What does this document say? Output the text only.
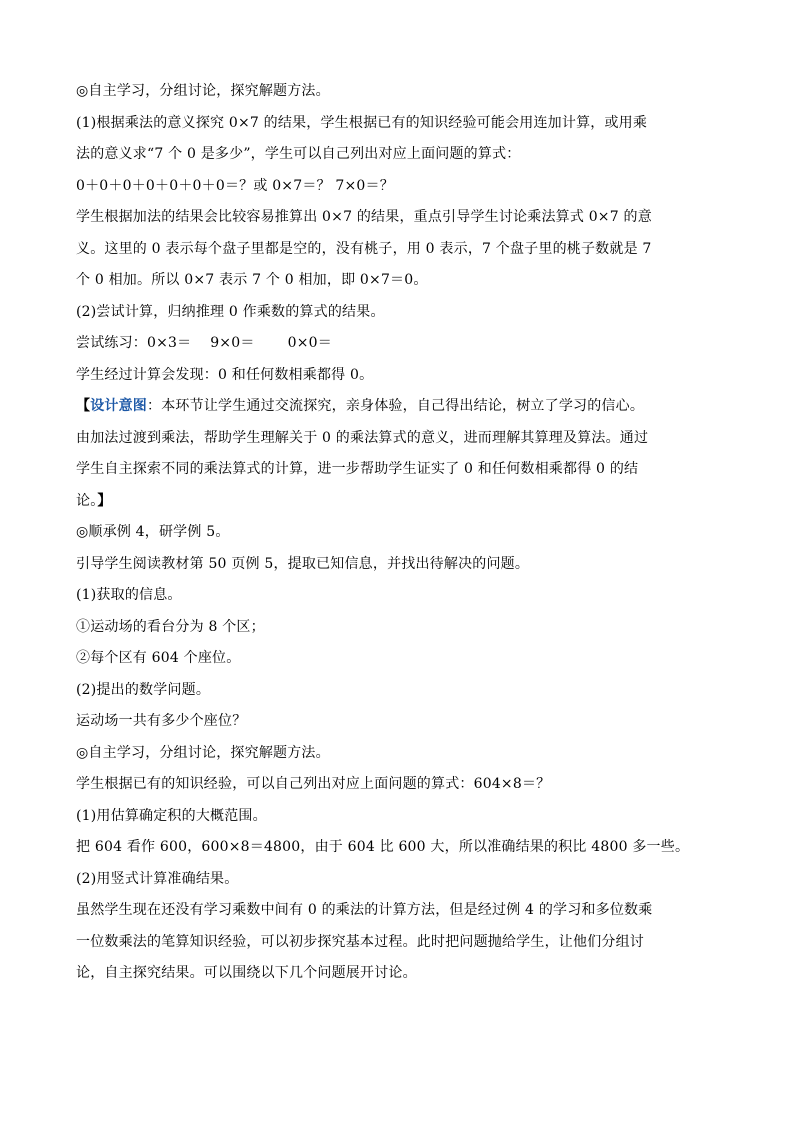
◎自主学习，分组讨论，探究解题方法。
(1)根据乘法的意义探究 0×7 的结果，学生根据已有的知识经验可能会用连加计算，或用乘
法的意义求“7 个 0 是多少”，学生可以自己列出对应上面问题的算式：
0＋0＋0＋0＋0＋0＋0＝？或 0×7＝？ 7×0＝？
学生根据加法的结果会比较容易推算出 0×7 的结果，重点引导学生讨论乘法算式 0×7 的意
义。这里的 0 表示每个盘子里都是空的，没有桃子，用 0 表示，7 个盘子里的桃子数就是 7
个 0 相加。所以 0×7 表示 7 个 0 相加，即 0×7＝0。
(2)尝试计算，归纳推理 0 作乘数的算式的结果。
尝试练习：0×3＝　 9×0＝　　 0×0＝
学生经过计算会发现：0 和任何数相乘都得 0。
【设计意图：本环节让学生通过交流探究，亲身体验，自己得出结论，树立了学习的信心。
由加法过渡到乘法，帮助学生理解关于 0 的乘法算式的意义，进而理解其算理及算法。通过
学生自主探索不同的乘法算式的计算，进一步帮助学生证实了 0 和任何数相乘都得 0 的结
论。】
◎顺承例 4，研学例 5。
引导学生阅读教材第 50 页例 5，提取已知信息，并找出待解决的问题。
(1)获取的信息。
①运动场的看台分为 8 个区；
②每个区有 604 个座位。
(2)提出的数学问题。
运动场一共有多少个座位？
◎自主学习，分组讨论，探究解题方法。
学生根据已有的知识经验，可以自己列出对应上面问题的算式：604×8＝？
(1)用估算确定积的大概范围。
把 604 看作 600，600×8＝4800，由于 604 比 600 大，所以准确结果的积比 4800 多一些。
(2)用竖式计算准确结果。
虽然学生现在还没有学习乘数中间有 0 的乘法的计算方法，但是经过例 4 的学习和多位数乘
一位数乘法的笔算知识经验，可以初步探究基本过程。此时把问题抛给学生，让他们分组讨
论，自主探究结果。可以围绕以下几个问题展开讨论。
